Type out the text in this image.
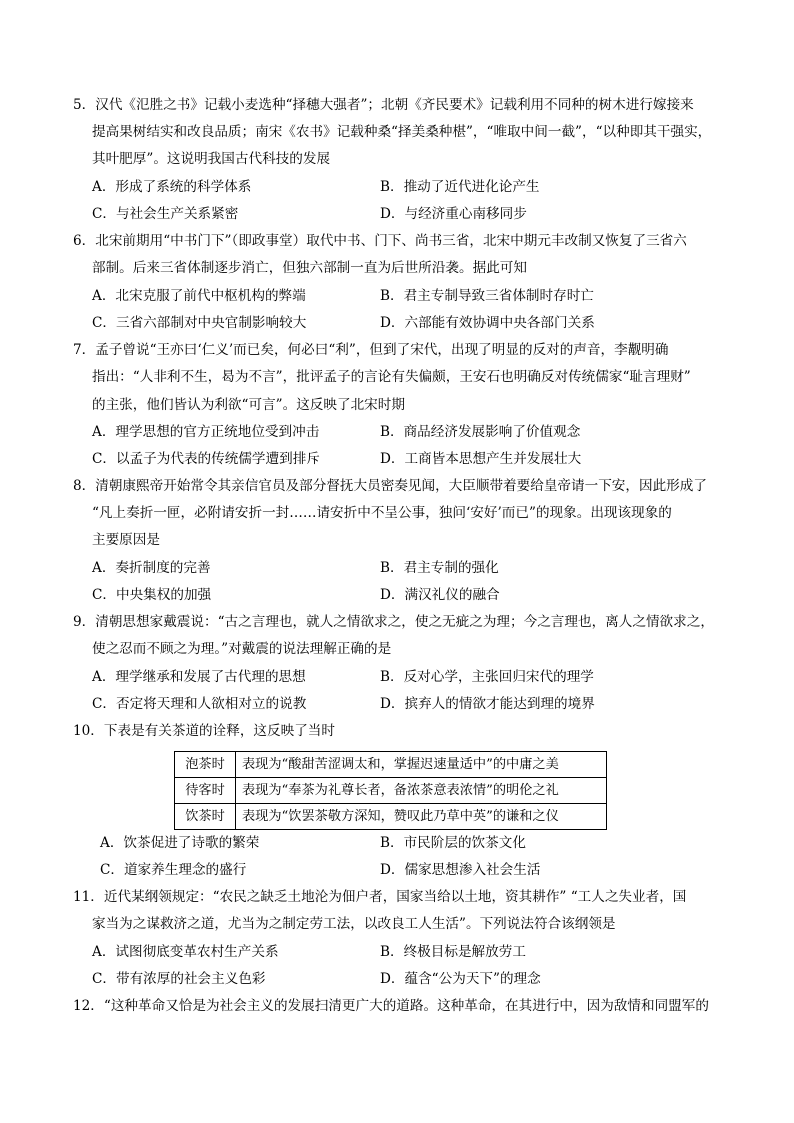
5．汉代《氾胜之书》记载小麦选种“择穗大强者”；北朝《齐民要术》记载利用不同种的树木进行嫁接来
提高果树结实和改良品质；南宋《农书》记载种桑“择美桑种椹”，“唯取中间一截”，“以种即其干强实，
其叶肥厚”。这说明我国古代科技的发展
A．形成了系统的科学体系	B．推动了近代进化论产生
C．与社会生产关系紧密	D．与经济重心南移同步
6．北宋前期用“中书门下”（即政事堂）取代中书、门下、尚书三省，北宋中期元丰改制又恢复了三省六
部制。后来三省体制逐步消亡，但独六部制一直为后世所沿袭。据此可知
A．北宋克服了前代中枢机构的弊端	B．君主专制导致三省体制时存时亡
C．三省六部制对中央官制影响较大	D．六部能有效协调中央各部门关系
7．孟子曾说“王亦曰‘仁义’而已矣，何必曰“利”，但到了宋代，出现了明显的反对的声音，李觏明确
指出：“人非利不生，曷为不言”，批评孟子的言论有失偏颇，王安石也明确反对传统儒家“耻言理财”
的主张，他们皆认为利欲“可言”。这反映了北宋时期
A．理学思想的官方正统地位受到冲击	B．商品经济发展影响了价值观念
C．以孟子为代表的传统儒学遭到排斥	D．工商皆本思想产生并发展壮大
8．清朝康熙帝开始常令其亲信官员及部分督抚大员密奏见闻，大臣顺带着要给皇帝请一下安，因此形成了
“凡上奏折一匣，必附请安折一封……请安折中不呈公事，独问‘安好’而已”的现象。出现该现象的
主要原因是
A．奏折制度的完善	B．君主专制的强化
C．中央集权的加强	D．满汉礼仪的融合
9．清朝思想家戴震说：“古之言理也，就人之情欲求之，使之无疵之为理；今之言理也，离人之情欲求之，
使之忍而不顾之为理。”对戴震的说法理解正确的是
A．理学继承和发展了古代理的思想	B．反对心学，主张回归宋代的理学
C．否定将天理和人欲相对立的说教	D．摈弃人的情欲才能达到理的境界
10．下表是有关茶道的诠释，这反映了当时
泡茶时	表现为“酸甜苦涩调太和，掌握迟速量适中”的中庸之美
待客时	表现为“奉茶为礼尊长者，备浓茶意表浓情”的明伦之礼
饮茶时	表现为“饮罢茶敬方深知，赞叹此乃草中英”的谦和之仪
A．饮茶促进了诗歌的繁荣	B．市民阶层的饮茶文化
C．道家养生理念的盛行	D．儒家思想渗入社会生活
11．近代某纲领规定：“农民之缺乏土地沦为佃户者，国家当给以土地，资其耕作” “工人之失业者，国
家当为之谋救济之道，尤当为之制定劳工法，以改良工人生活”。下列说法符合该纲领是
A．试图彻底变革农村生产关系	B．终极目标是解放劳工
C．带有浓厚的社会主义色彩	D．蕴含“公为天下”的理念
12．“这种革命又恰是为社会主义的发展扫清更广大的道路。这种革命，在其进行中，因为敌情和同盟军的
